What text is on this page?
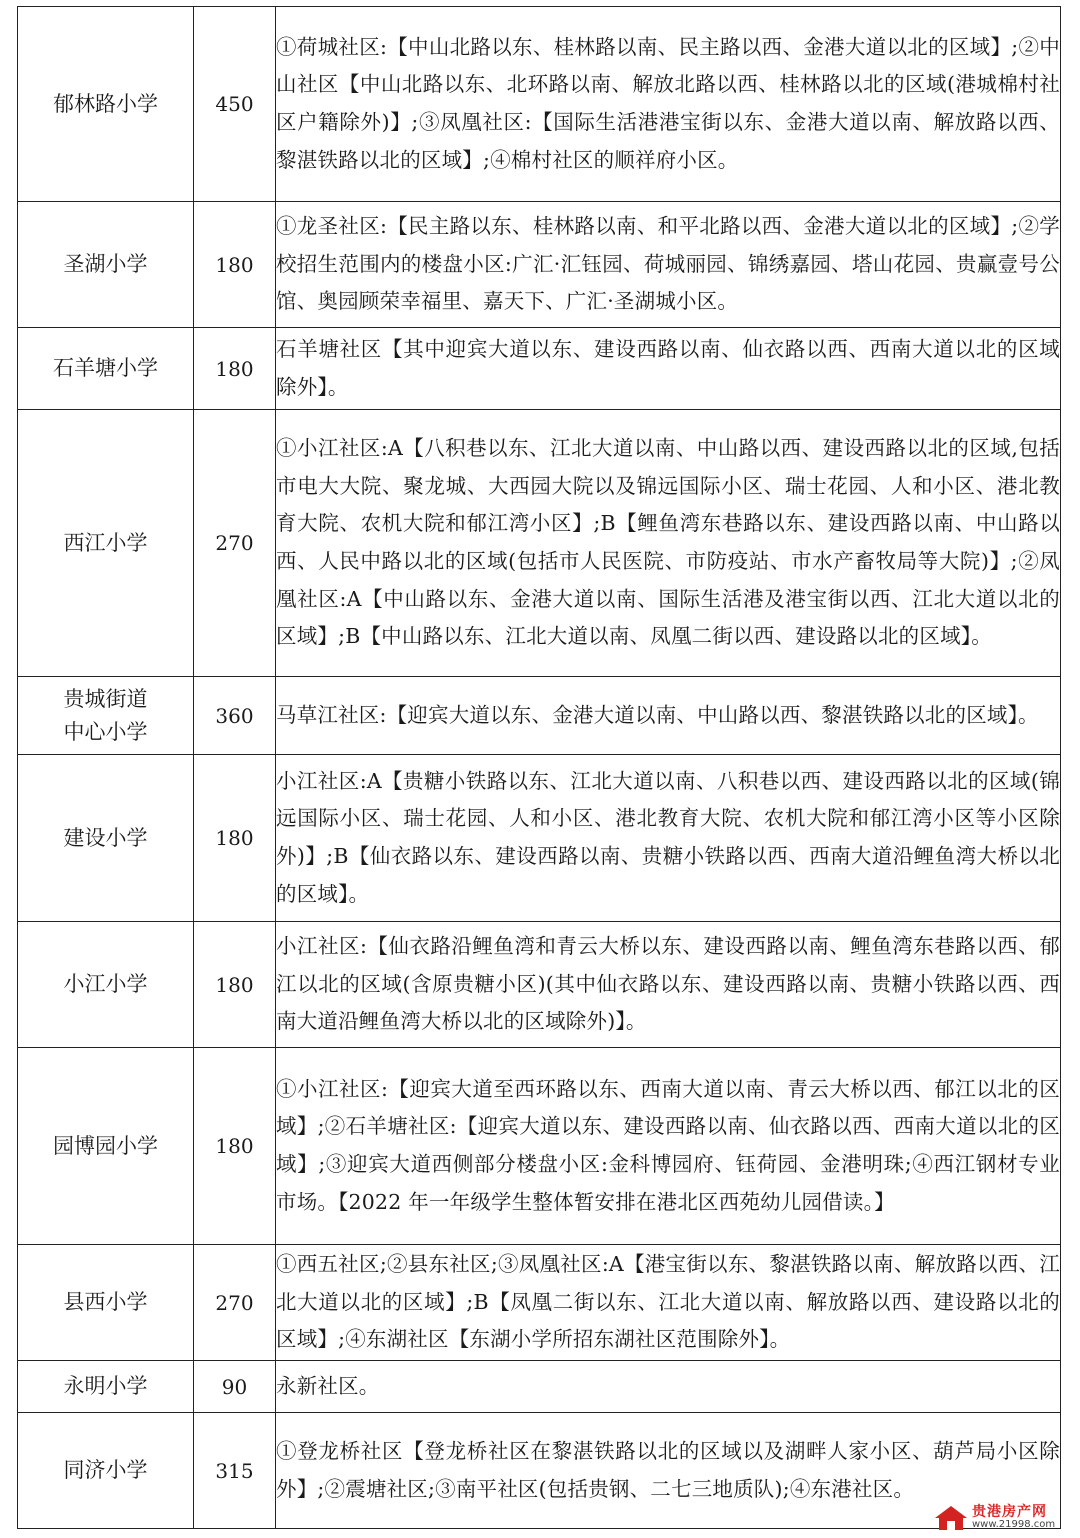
郁林路小学	450	①荷城社区:【中山北路以东、桂林路以南、民主路以西、金港大道以北的区域】;②中山社区【中山北路以东、北环路以南、解放北路以西、桂林路以北的区域(港城棉村社区户籍除外)】;③凤凰社区:【国际生活港港宝街以东、金港大道以南、解放路以西、黎湛铁路以北的区域】;④棉村社区的顺祥府小区。
圣湖小学	180	①龙圣社区:【民主路以东、桂林路以南、和平北路以西、金港大道以北的区域】;②学校招生范围内的楼盘小区:广汇·汇钰园、荷城丽园、锦绣嘉园、塔山花园、贵赢壹号公馆、奥园顾荣幸福里、嘉天下、广汇·圣湖城小区。
石羊塘小学	180	石羊塘社区【其中迎宾大道以东、建设西路以南、仙衣路以西、西南大道以北的区域除外】。
西江小学	270	①小江社区:A【八积巷以东、江北大道以南、中山路以西、建设西路以北的区域,包括市电大大院、聚龙城、大西园大院以及锦远国际小区、瑞士花园、人和小区、港北教育大院、农机大院和郁江湾小区】;B【鲤鱼湾东巷路以东、建设西路以南、中山路以西、人民中路以北的区域(包括市人民医院、市防疫站、市水产畜牧局等大院)】;②凤凰社区:A【中山路以东、金港大道以南、国际生活港及港宝街以西、江北大道以北的区域】;B【中山路以东、江北大道以南、凤凰二街以西、建设路以北的区域】。

贵城街道
中心小学	360	马草江社区:【迎宾大道以东、金港大道以南、中山路以西、黎湛铁路以北的区域】。
建设小学	180	小江社区:A【贵糖小铁路以东、江北大道以南、八积巷以西、建设西路以北的区域(锦远国际小区、瑞士花园、人和小区、港北教育大院、农机大院和郁江湾小区等小区除外)】;B【仙衣路以东、建设西路以南、贵糖小铁路以西、西南大道沿鲤鱼湾大桥以北的区域】。
小江小学	180	小江社区:【仙衣路沿鲤鱼湾和青云大桥以东、建设西路以南、鲤鱼湾东巷路以西、郁江以北的区域(含原贵糖小区)(其中仙衣路以东、建设西路以南、贵糖小铁路以西、西南大道沿鲤鱼湾大桥以北的区域除外)】。
园博园小学	180	①小江社区:【迎宾大道至西环路以东、西南大道以南、青云大桥以西、郁江以北的区域】;②石羊塘社区:【迎宾大道以东、建设西路以南、仙衣路以西、西南大道以北的区域】;③迎宾大道西侧部分楼盘小区:金科博园府、钰荷园、金港明珠;④西江钢材专业市场。【2022 年一年级学生整体暂安排在港北区西苑幼儿园借读。】
县西小学	270	①西五社区;②县东社区;③凤凰社区:A【港宝街以东、黎湛铁路以南、解放路以西、江北大道以北的区域】;B【凤凰二街以东、江北大道以南、解放路以西、建设路以北的区域】;④东湖社区【东湖小学所招东湖社区范围除外】。
永明小学	90	永新社区。
同济小学	315	①登龙桥社区【登龙桥社区在黎湛铁路以北的区域以及湖畔人家小区、葫芦局小区除外】;②震塘社区;③南平社区(包括贵钢、二七三地质队);④东港社区。
贵港房产网
www.21998.com
